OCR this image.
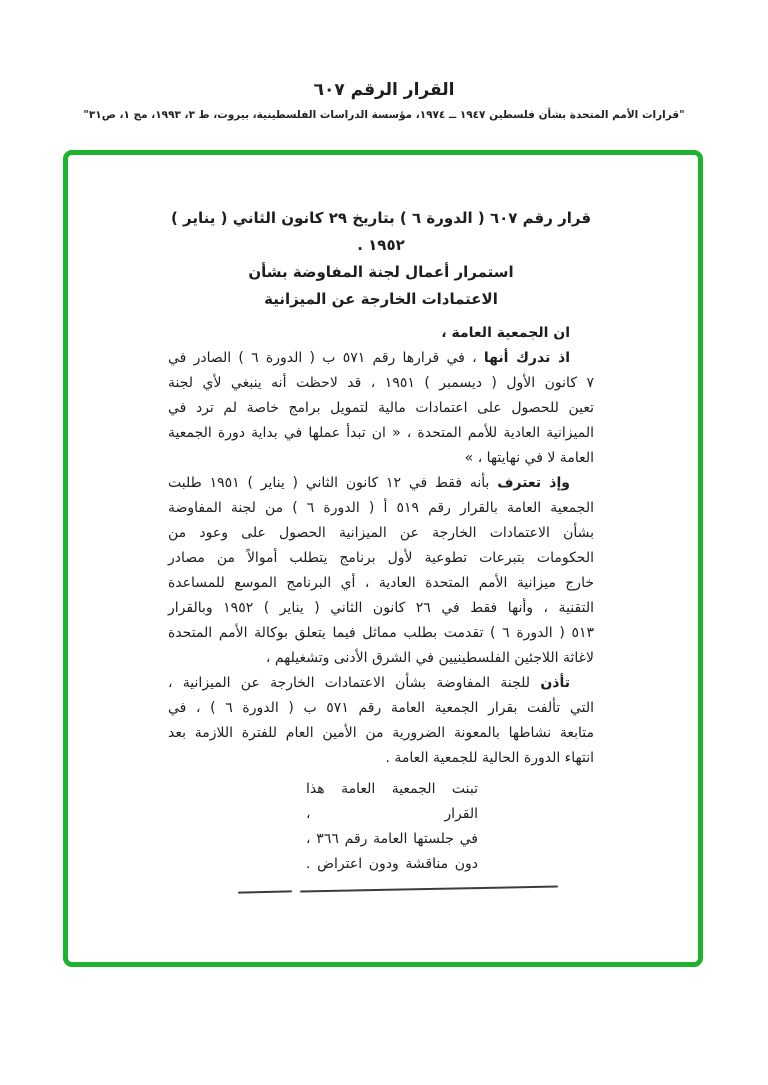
القرار الرقم ٦٠٧
"قرارات الأمم المتحدة بشأن فلسطين ١٩٤٧ ــ ١٩٧٤، مؤسسة الدراسات الفلسطينية، بيروت، ط ٣، ١٩٩٣، مج ١، ص٣١"
قرار رقم ٦٠٧ ( الدورة ٦ ) بتاريخ ٢٩ كانون الثاني ( يناير ) ١٩٥٢ .
استمرار أعمال لجنة المفاوضة بشأن
الاعتمادات الخارجة عن الميزانية
ان الجمعية العامة ،
اذ تدرك أنها ، في قرارها رقم ٥٧١ ب ( الدورة ٦ ) الصادر في
٧ كانون الأول ( ديسمبر ) ١٩٥١ ، قد لاحظت أنه ينبغي لأي لجنة
تعين للحصول على اعتمادات مالية لتمويل برامج خاصة لم ترد في
الميزانية العادية للأمم المتحدة ، « ان تبدأ عملها في بداية دورة الجمعية
العامة لا في نهايتها ، »
وإذ تعترف بأنه فقط في ١٢ كانون الثاني ( يناير ) ١٩٥١ طلبت
الجمعية العامة بالقرار رقم ٥١٩ أ ( الدورة ٦ ) من لجنة المفاوضة
بشأن الاعتمادات الخارجة عن الميزانية الحصول على وعود من
الحكومات بتبرعات تطوعية لأول برنامج يتطلب أموالاً من مصادر
خارج ميزانية الأمم المتحدة العادية ، أي البرنامج الموسع للمساعدة
التقنية ، وأنها فقط في ٢٦ كانون الثاني ( يناير ) ١٩٥٢ وبالقرار
٥١٣ ( الدورة ٦ ) تقدمت بطلب مماثل فيما يتعلق بوكالة الأمم المتحدة
لاغاثة اللاجئين الفلسطينيين في الشرق الأدنى وتشغيلهم ،
تأذن للجنة المفاوضة بشأن الاعتمادات الخارجة عن الميزانية ،
التي تألفت بقرار الجمعية العامة رقم ٥٧١ ب ( الدورة ٦ ) ، في
متابعة نشاطها بالمعونة الضرورية من الأمين العام للفترة اللازمة بعد
انتهاء الدورة الحالية للجمعية العامة .
تبنت الجمعية العامة هذا القرار ،
في جلستها العامة رقم ٣٦٦ ،
دون مناقشة ودون اعتراض .
